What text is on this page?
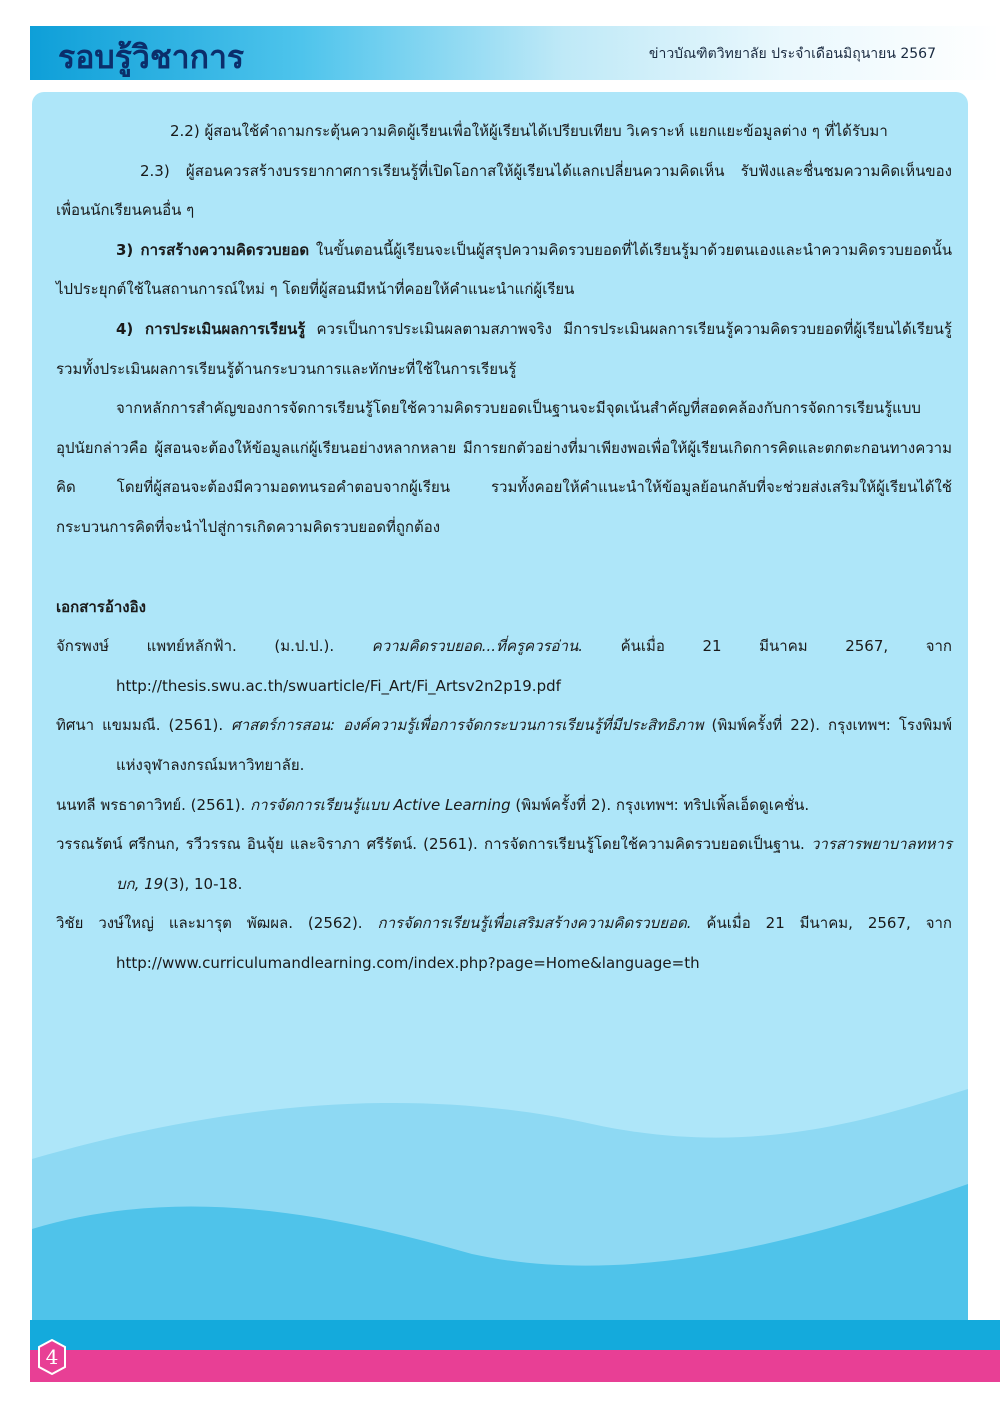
รอบรู้วิชาการ	ข่าวบัณฑิตวิทยาลัย ประจำเดือนมิถุนายน 2567

2.2) ผู้สอนใช้คำถามกระตุ้นความคิดผู้เรียนเพื่อให้ผู้เรียนได้เปรียบเทียบ วิเคราะห์ แยกแยะข้อมูลต่าง ๆ ที่ได้รับมา

2.3) ผู้สอนควรสร้างบรรยากาศการเรียนรู้ที่เปิดโอกาสให้ผู้เรียนได้แลกเปลี่ยนความคิดเห็น รับฟังและชื่นชมความคิดเห็นของเพื่อนนักเรียนคนอื่น ๆ

3) การสร้างความคิดรวบยอด ในขั้นตอนนี้ผู้เรียนจะเป็นผู้สรุปความคิดรวบยอดที่ได้เรียนรู้มาด้วยตนเองและนำความคิดรวบยอดนั้นไปประยุกต์ใช้ในสถานการณ์ใหม่ ๆ โดยที่ผู้สอนมีหน้าที่คอยให้คำแนะนำแก่ผู้เรียน

4) การประเมินผลการเรียนรู้ ควรเป็นการประเมินผลตามสภาพจริง มีการประเมินผลการเรียนรู้ความคิดรวบยอดที่ผู้เรียนได้เรียนรู้ รวมทั้งประเมินผลการเรียนรู้ด้านกระบวนการและทักษะที่ใช้ในการเรียนรู้

จากหลักการสำคัญของการจัดการเรียนรู้โดยใช้ความคิดรวบยอดเป็นฐานจะมีจุดเน้นสำคัญที่สอดคล้องกับการจัดการเรียนรู้แบบอุปนัยกล่าวคือ ผู้สอนจะต้องให้ข้อมูลแก่ผู้เรียนอย่างหลากหลาย มีการยกตัวอย่างที่มาเพียงพอเพื่อให้ผู้เรียนเกิดการคิดและตกตะกอนทางความคิด โดยที่ผู้สอนจะต้องมีความอดทนรอคำตอบจากผู้เรียน รวมทั้งคอยให้คำแนะนำให้ข้อมูลย้อนกลับที่จะช่วยส่งเสริมให้ผู้เรียนได้ใช้กระบวนการคิดที่จะนำไปสู่การเกิดความคิดรวบยอดที่ถูกต้อง

เอกสารอ้างอิง

จักรพงษ์ แพทย์หลักฟ้า. (ม.ป.ป.). ความคิดรวบยอด...ที่ครูควรอ่าน. ค้นเมื่อ 21 มีนาคม 2567, จาก http://thesis.swu.ac.th/swuarticle/Fi_Art/Fi_Artsv2n2p19.pdf

ทิศนา แขมมณี. (2561). ศาสตร์การสอน: องค์ความรู้เพื่อการจัดกระบวนการเรียนรู้ที่มีประสิทธิภาพ (พิมพ์ครั้งที่ 22). กรุงเทพฯ: โรงพิมพ์แห่งจุฬาลงกรณ์มหาวิทยาลัย.

นนทลี พรธาดาวิทย์. (2561). การจัดการเรียนรู้แบบ Active Learning (พิมพ์ครั้งที่ 2). กรุงเทพฯ: ทริปเพิ้ลเอ็ดดูเคชั่น.

วรรณรัตน์ ศรีกนก, รวีวรรณ อินจุ้ย และจิราภา ศรีรัตน์. (2561). การจัดการเรียนรู้โดยใช้ความคิดรวบยอดเป็นฐาน. วารสารพยาบาลทหารบก, 19(3), 10-18.

วิชัย วงษ์ใหญ่ และมารุต พัฒผล. (2562). การจัดการเรียนรู้เพื่อเสริมสร้างความคิดรวบยอด. ค้นเมื่อ 21 มีนาคม, 2567, จาก http://www.curriculumandlearning.com/index.php?page=Home&language=th

4
